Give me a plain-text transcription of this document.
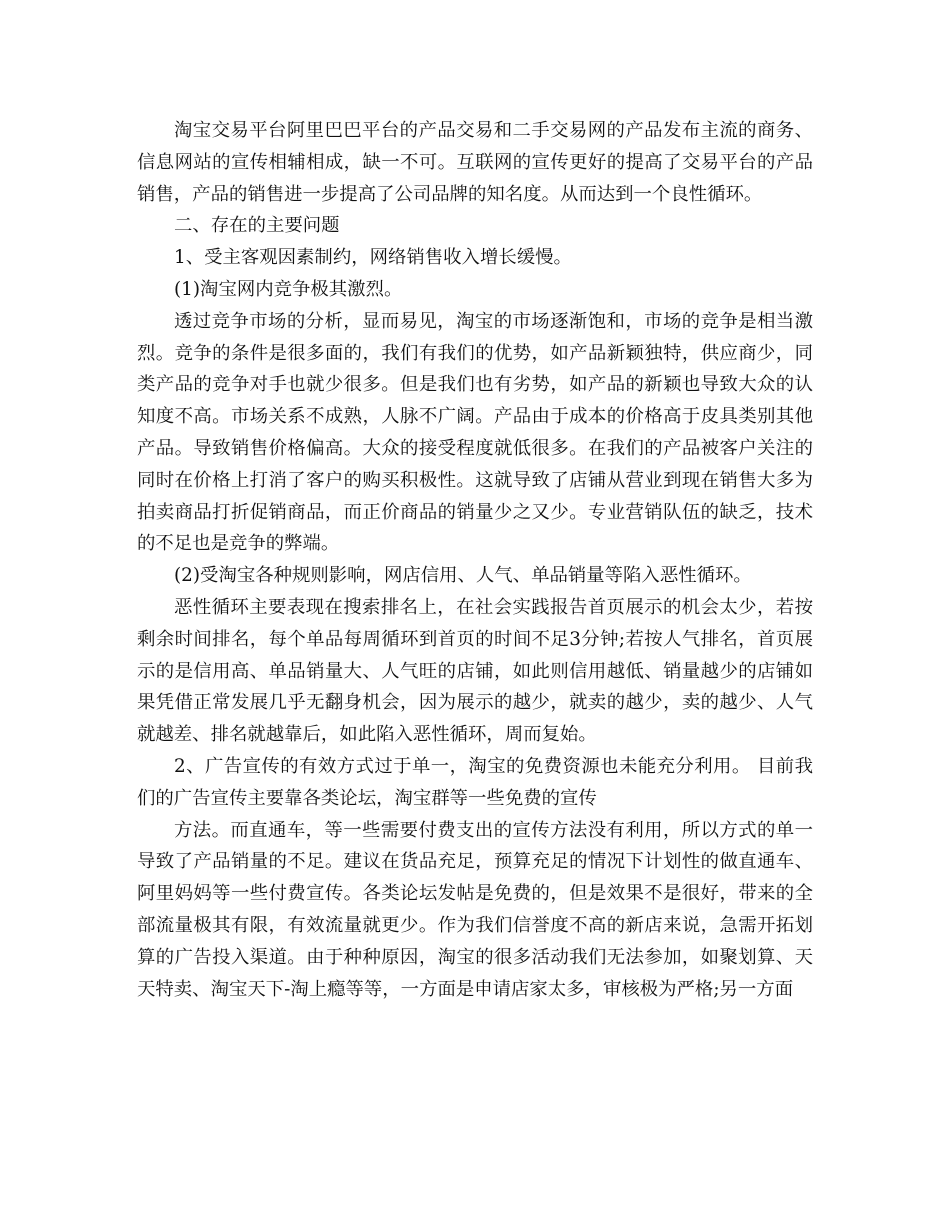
淘宝交易平台阿里巴巴平台的产品交易和二手交易网的产品发布主流的商务、信息网站的宣传相辅相成，缺一不可。互联网的宣传更好的提高了交易平台的产品销售，产品的销售进一步提高了公司品牌的知名度。从而达到一个良性循环。

二、存在的主要问题

1、受主客观因素制约，网络销售收入增长缓慢。

(1)淘宝网内竞争极其激烈。

透过竞争市场的分析，显而易见，淘宝的市场逐渐饱和，市场的竞争是相当激烈。竞争的条件是很多面的，我们有我们的优势，如产品新颖独特，供应商少，同类产品的竞争对手也就少很多。但是我们也有劣势，如产品的新颖也导致大众的认知度不高。市场关系不成熟，人脉不广阔。产品由于成本的价格高于皮具类别其他产品。导致销售价格偏高。大众的接受程度就低很多。在我们的产品被客户关注的同时在价格上打消了客户的购买积极性。这就导致了店铺从营业到现在销售大多为拍卖商品打折促销商品，而正价商品的销量少之又少。专业营销队伍的缺乏，技术的不足也是竞争的弊端。

(2)受淘宝各种规则影响，网店信用、人气、单品销量等陷入恶性循环。

恶性循环主要表现在搜索排名上，在社会实践报告首页展示的机会太少，若按剩余时间排名，每个单品每周循环到首页的时间不足3分钟;若按人气排名，首页展示的是信用高、单品销量大、人气旺的店铺，如此则信用越低、销量越少的店铺如果凭借正常发展几乎无翻身机会，因为展示的越少，就卖的越少，卖的越少、人气就越差、排名就越靠后，如此陷入恶性循环，周而复始。

2、广告宣传的有效方式过于单一，淘宝的免费资源也未能充分利用。 目前我们的广告宣传主要靠各类论坛，淘宝群等一些免费的宣传

方法。而直通车，等一些需要付费支出的宣传方法没有利用，所以方式的单一导致了产品销量的不足。建议在货品充足，预算充足的情况下计划性的做直通车、阿里妈妈等一些付费宣传。各类论坛发帖是免费的，但是效果不是很好，带来的全部流量极其有限，有效流量就更少。作为我们信誉度不高的新店来说，急需开拓划算的广告投入渠道。由于种种原因，淘宝的很多活动我们无法参加，如聚划算、天天特卖、淘宝天下-淘上瘾等等，一方面是申请店家太多，审核极为严格;另一方面
